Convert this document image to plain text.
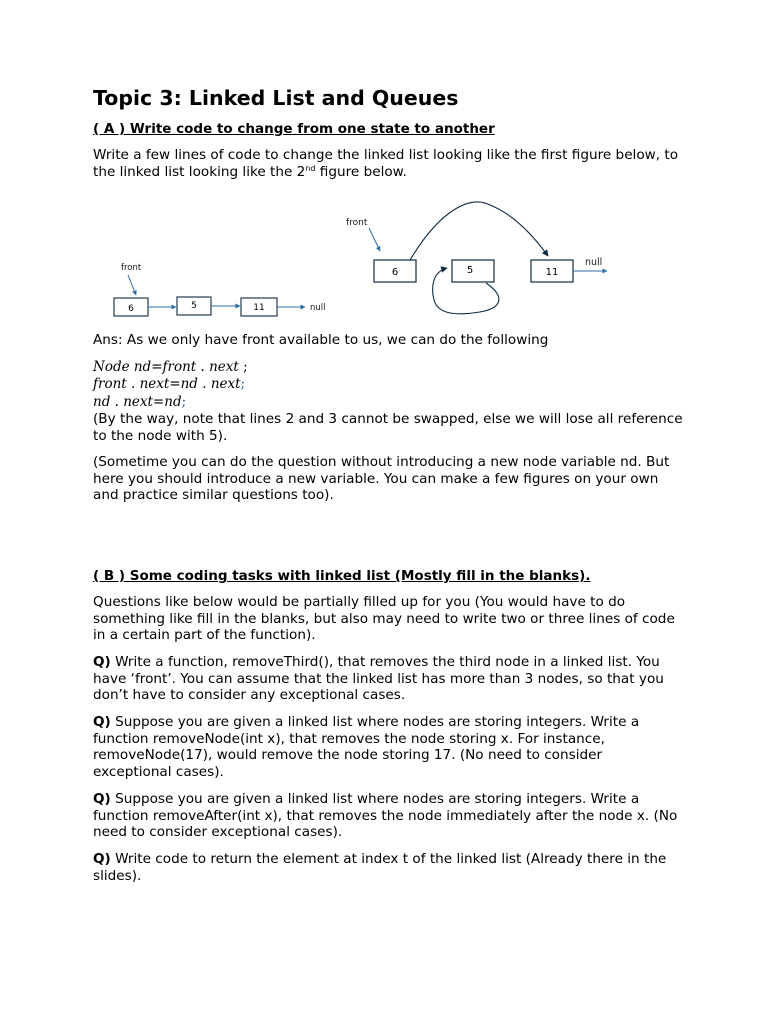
Topic 3: Linked List and Queues

( A ) Write code to change from one state to another

Write a few lines of code to change the linked list looking like the first figure below, to the linked list looking like the 2nd figure below.

front
6	5	11	null
front
6	5	11
null

Ans: As we only have front available to us, we can do the following

Node nd=front . next ;
front . next=nd . next;
nd . next=nd;

(By the way, note that lines 2 and 3 cannot be swapped, else we will lose all reference to the node with 5).

(Sometime you can do the question without introducing a new node variable nd. But here you should introduce a new variable. You can make a few figures on your own and practice similar questions too).

( B ) Some coding tasks with linked list (Mostly fill in the blanks).

Questions like below would be partially filled up for you (You would have to do something like fill in the blanks, but also may need to write two or three lines of code in a certain part of the function).

Q) Write a function, removeThird(), that removes the third node in a linked list. You have ‘front’. You can assume that the linked list has more than 3 nodes, so that you don’t have to consider any exceptional cases.

Q) Suppose you are given a linked list where nodes are storing integers. Write a function removeNode(int x), that removes the node storing x. For instance, removeNode(17), would remove the node storing 17. (No need to consider exceptional cases).

Q) Suppose you are given a linked list where nodes are storing integers. Write a function removeAfter(int x), that removes the node immediately after the node x. (No need to consider exceptional cases).

Q) Write code to return the element at index t of the linked list (Already there in the slides).
